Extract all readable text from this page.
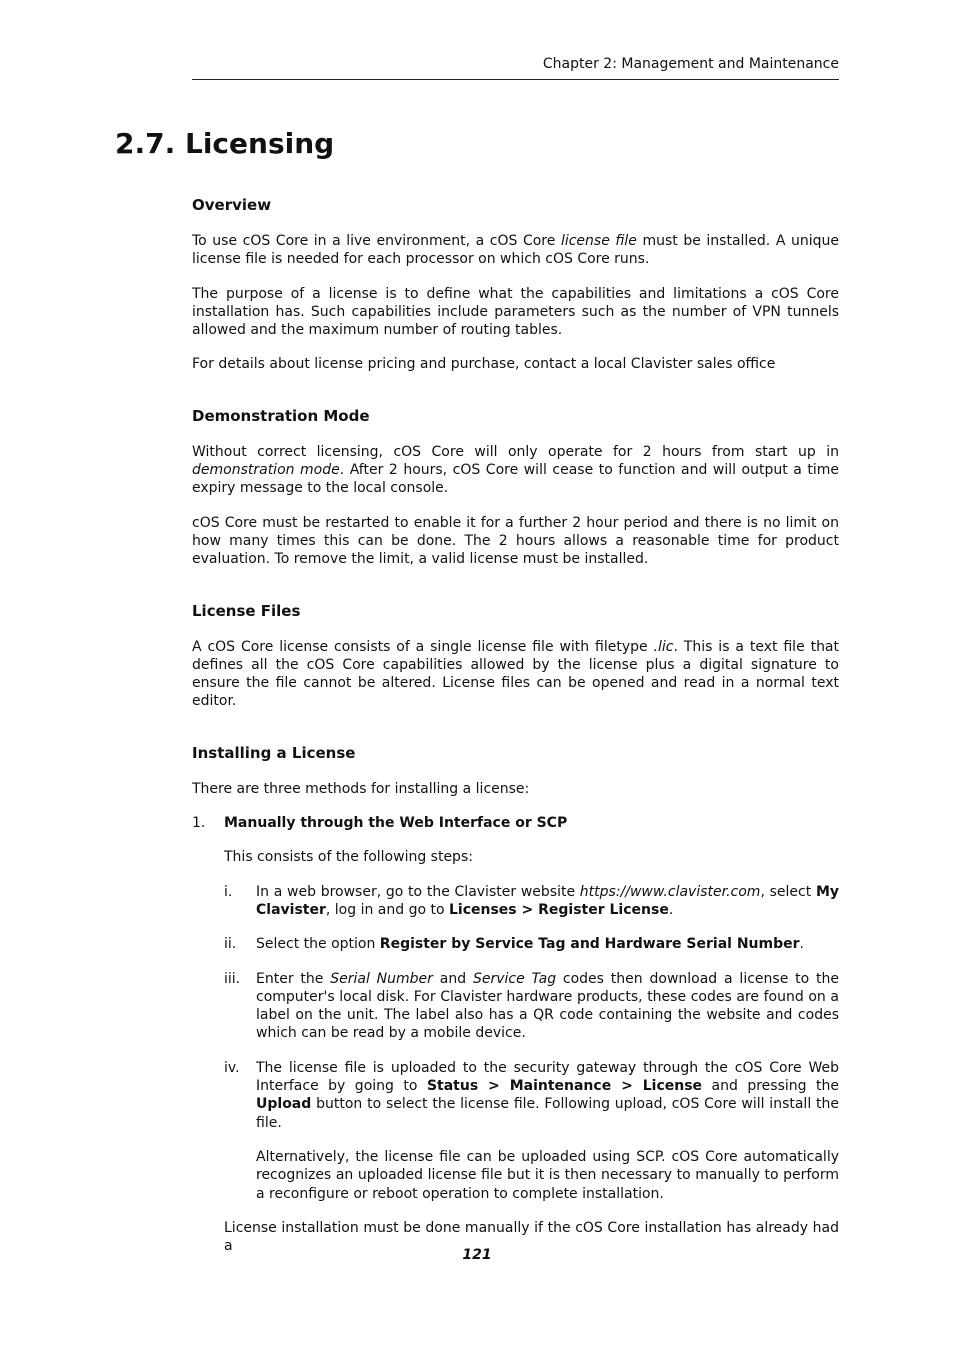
Chapter 2: Management and Maintenance
2.7. Licensing
Overview

To use cOS Core in a live environment, a cOS Core license file must be installed. A unique license file is needed for each processor on which cOS Core runs.

The purpose of a license is to define what the capabilities and limitations a cOS Core installation has. Such capabilities include parameters such as the number of VPN tunnels allowed and the maximum number of routing tables.

For details about license pricing and purchase, contact a local Clavister sales office

Demonstration Mode

Without correct licensing, cOS Core will only operate for 2 hours from start up in demonstration mode. After 2 hours, cOS Core will cease to function and will output a time expiry message to the local console.

cOS Core must be restarted to enable it for a further 2 hour period and there is no limit on how many times this can be done. The 2 hours allows a reasonable time for product evaluation. To remove the limit, a valid license must be installed.

License Files

A cOS Core license consists of a single license file with filetype .lic. This is a text file that defines all the cOS Core capabilities allowed by the license plus a digital signature to ensure the file cannot be altered. License files can be opened and read in a normal text editor.

Installing a License

There are three methods for installing a license:

1. Manually through the Web Interface or SCP

This consists of the following steps:

i. In a web browser, go to the Clavister website https://www.clavister.com, select My Clavister, log in and go to Licenses > Register License.

ii. Select the option Register by Service Tag and Hardware Serial Number.

iii. Enter the Serial Number and Service Tag codes then download a license to the computer's local disk. For Clavister hardware products, these codes are found on a label on the unit. The label also has a QR code containing the website and codes which can be read by a mobile device.

iv. The license file is uploaded to the security gateway through the cOS Core Web Interface by going to Status > Maintenance > License and pressing the Upload button to select the license file. Following upload, cOS Core will install the file.

Alternatively, the license file can be uploaded using SCP. cOS Core automatically recognizes an uploaded license file but it is then necessary to manually to perform a reconfigure or reboot operation to complete installation.

License installation must be done manually if the cOS Core installation has already had a

121
